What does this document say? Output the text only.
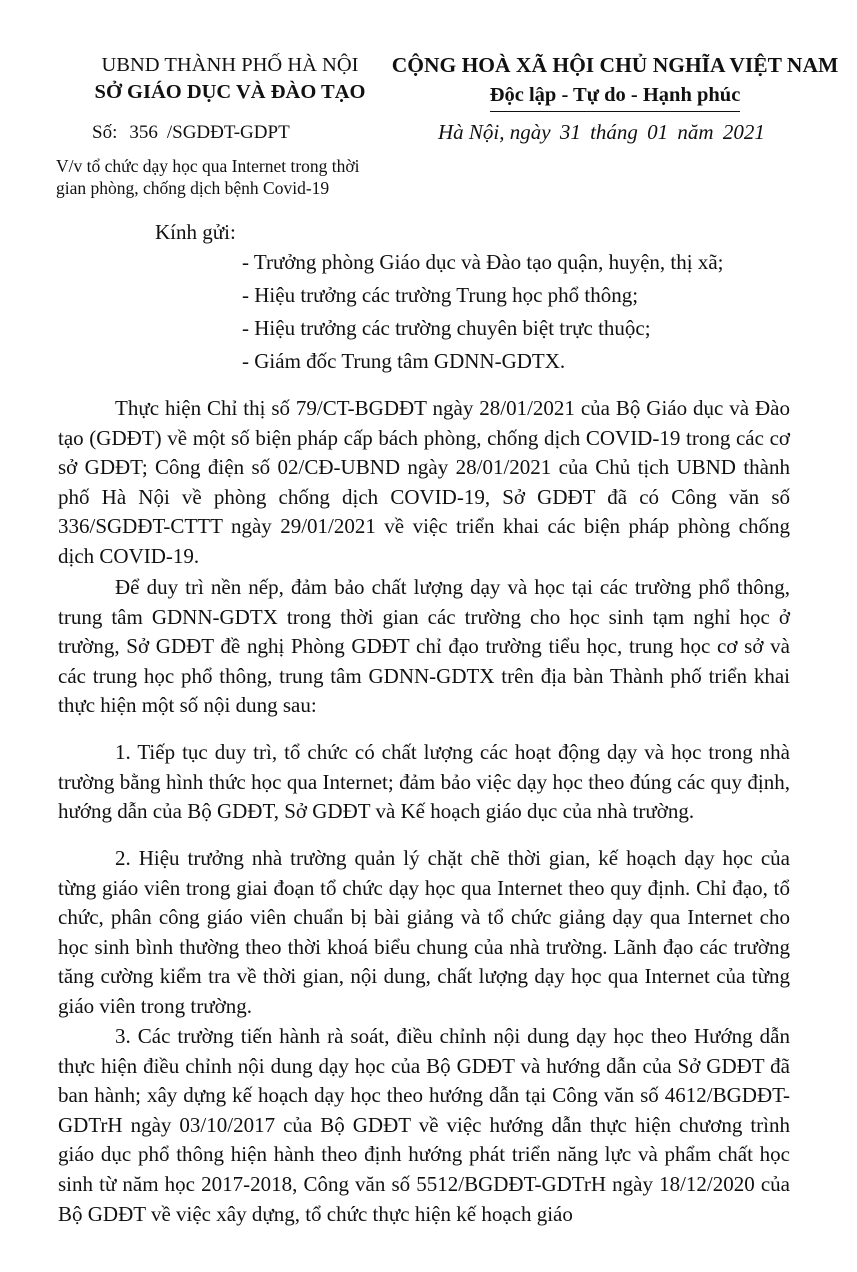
UBND THÀNH PHỐ HÀ NỘI
SỞ GIÁO DỤC VÀ ĐÀO TẠO
CỘNG HOÀ XÃ HỘI CHỦ NGHĨA VIỆT NAM
Độc lập - Tự do - Hạnh phúc
Số: 356 /SGDĐT-GDPT	Hà Nội, ngày 31 tháng 01 năm 2021
V/v tổ chức dạy học qua Internet trong thời
gian phòng, chống dịch bệnh Covid-19
Kính gửi:
- Trưởng phòng Giáo dục và Đào tạo quận, huyện, thị xã;
- Hiệu trưởng các trường Trung học phổ thông;
- Hiệu trưởng các trường chuyên biệt trực thuộc;
- Giám đốc Trung tâm GDNN-GDTX.

Thực hiện Chỉ thị số 79/CT-BGDĐT ngày 28/01/2021 của Bộ Giáo dục và Đào tạo (GDĐT) về một số biện pháp cấp bách phòng, chống dịch COVID-19 trong các cơ sở GDĐT; Công điện số 02/CĐ-UBND ngày 28/01/2021 của Chủ tịch UBND thành phố Hà Nội về phòng chống dịch COVID-19, Sở GDĐT đã có Công văn số 336/SGDĐT-CTTT ngày 29/01/2021 về việc triển khai các biện pháp phòng chống dịch COVID-19.

Để duy trì nền nếp, đảm bảo chất lượng dạy và học tại các trường phổ thông, trung tâm GDNN-GDTX trong thời gian các trường cho học sinh tạm nghỉ học ở trường, Sở GDĐT đề nghị Phòng GDĐT chỉ đạo trường tiểu học, trung học cơ sở và các trung học phổ thông, trung tâm GDNN-GDTX trên địa bàn Thành phố triển khai thực hiện một số nội dung sau:

1. Tiếp tục duy trì, tổ chức có chất lượng các hoạt động dạy và học trong nhà trường bằng hình thức học qua Internet; đảm bảo việc dạy học theo đúng các quy định, hướng dẫn của Bộ GDĐT, Sở GDĐT và Kế hoạch giáo dục của nhà trường.

2. Hiệu trưởng nhà trường quản lý chặt chẽ thời gian, kế hoạch dạy học của từng giáo viên trong giai đoạn tổ chức dạy học qua Internet theo quy định. Chỉ đạo, tổ chức, phân công giáo viên chuẩn bị bài giảng và tổ chức giảng dạy qua Internet cho học sinh bình thường theo thời khoá biểu chung của nhà trường. Lãnh đạo các trường tăng cường kiểm tra về thời gian, nội dung, chất lượng dạy học qua Internet của từng giáo viên trong trường.

3. Các trường tiến hành rà soát, điều chỉnh nội dung dạy học theo Hướng dẫn thực hiện điều chỉnh nội dung dạy học của Bộ GDĐT và hướng dẫn của Sở GDĐT đã ban hành; xây dựng kế hoạch dạy học theo hướng dẫn tại Công văn số 4612/BGDĐT-GDTrH ngày 03/10/2017 của Bộ GDĐT về việc hướng dẫn thực hiện chương trình giáo dục phổ thông hiện hành theo định hướng phát triển năng lực và phẩm chất học sinh từ năm học 2017-2018, Công văn số 5512/BGDĐT-GDTrH ngày 18/12/2020 của Bộ GDĐT về việc xây dựng, tổ chức thực hiện kế hoạch giáo
